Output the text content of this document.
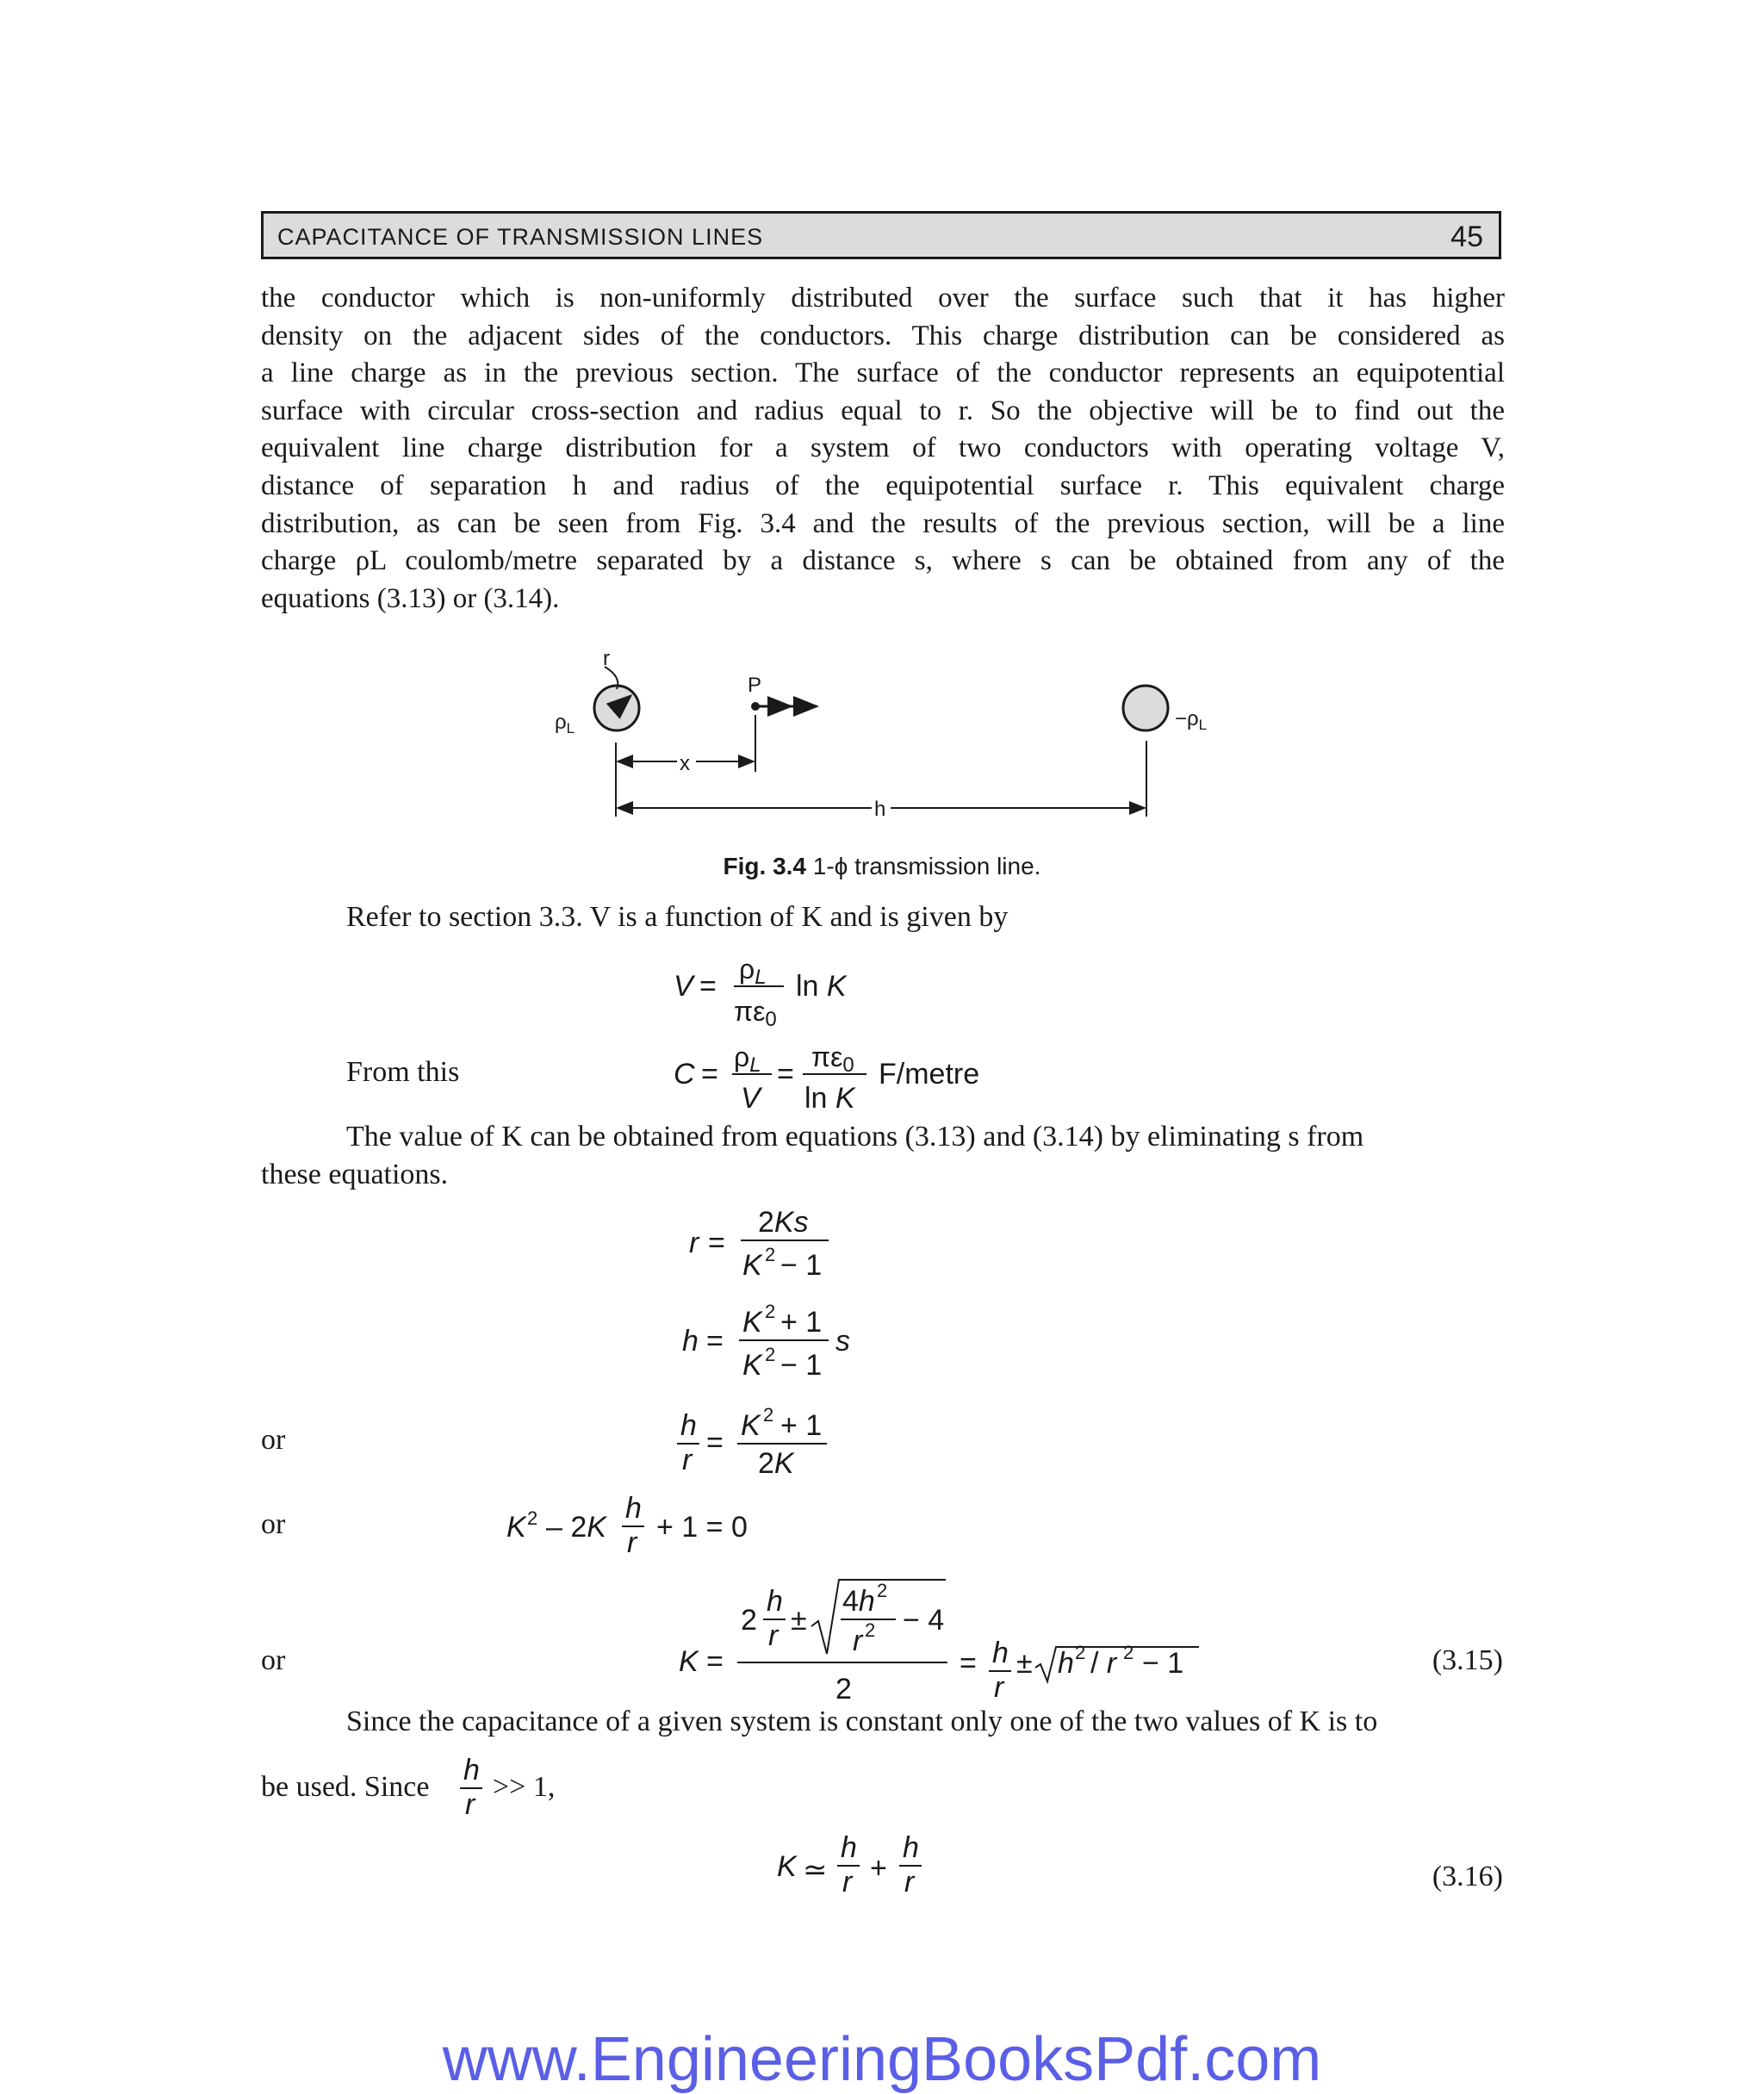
CAPACITANCE OF TRANSMISSION LINES	45
the conductor which is non-uniformly distributed over the surface such that it has higher
density on the adjacent sides of the conductors. This charge distribution can be considered as
a line charge as in the previous section. The surface of the conductor represents an equipotential
surface with circular cross-section and radius equal to r. So the objective will be to find out the
equivalent line charge distribution for a system of two conductors with operating voltage V,
distance of separation h and radius of the equipotential surface r. This equivalent charge
distribution, as can be seen from Fig. 3.4 and the results of the previous section, will be a line
charge ρL coulomb/metre separated by a distance s, where s can be obtained from any of the
equations (3.13) or (3.14).
r
$\rho_L$
P
$-\rho_L$
x
h
Fig. 3.4 1-ϕ transmission line.
Refer to section 3.3. V is a function of K and is given by
V =
ρL
πε0
ln K
C =
ρL
V
=
πε0
ln K
F/metre
r =
2Ks
K 2 − 1
h =
K 2 + 1
K 2 − 1
s
h
r
=
K 2 + 1
2K
K 2 – 2K
h
r + 1 = 0
K =
2
h
r ±
4h 2
r 2 − 4
2
= h
r
± h 2 / r 2 − 1
h
r
K ≃
h
r +
h
r
From this
The value of K can be obtained from equations (3.13) and (3.14) by eliminating s from
these equations.
or
or
or	(3.15)
Since the capacitance of a given system is constant only one of the two values of K is to
be used. Since >> 1,
(3.16)
www.EngineeringBooksPdf.com
